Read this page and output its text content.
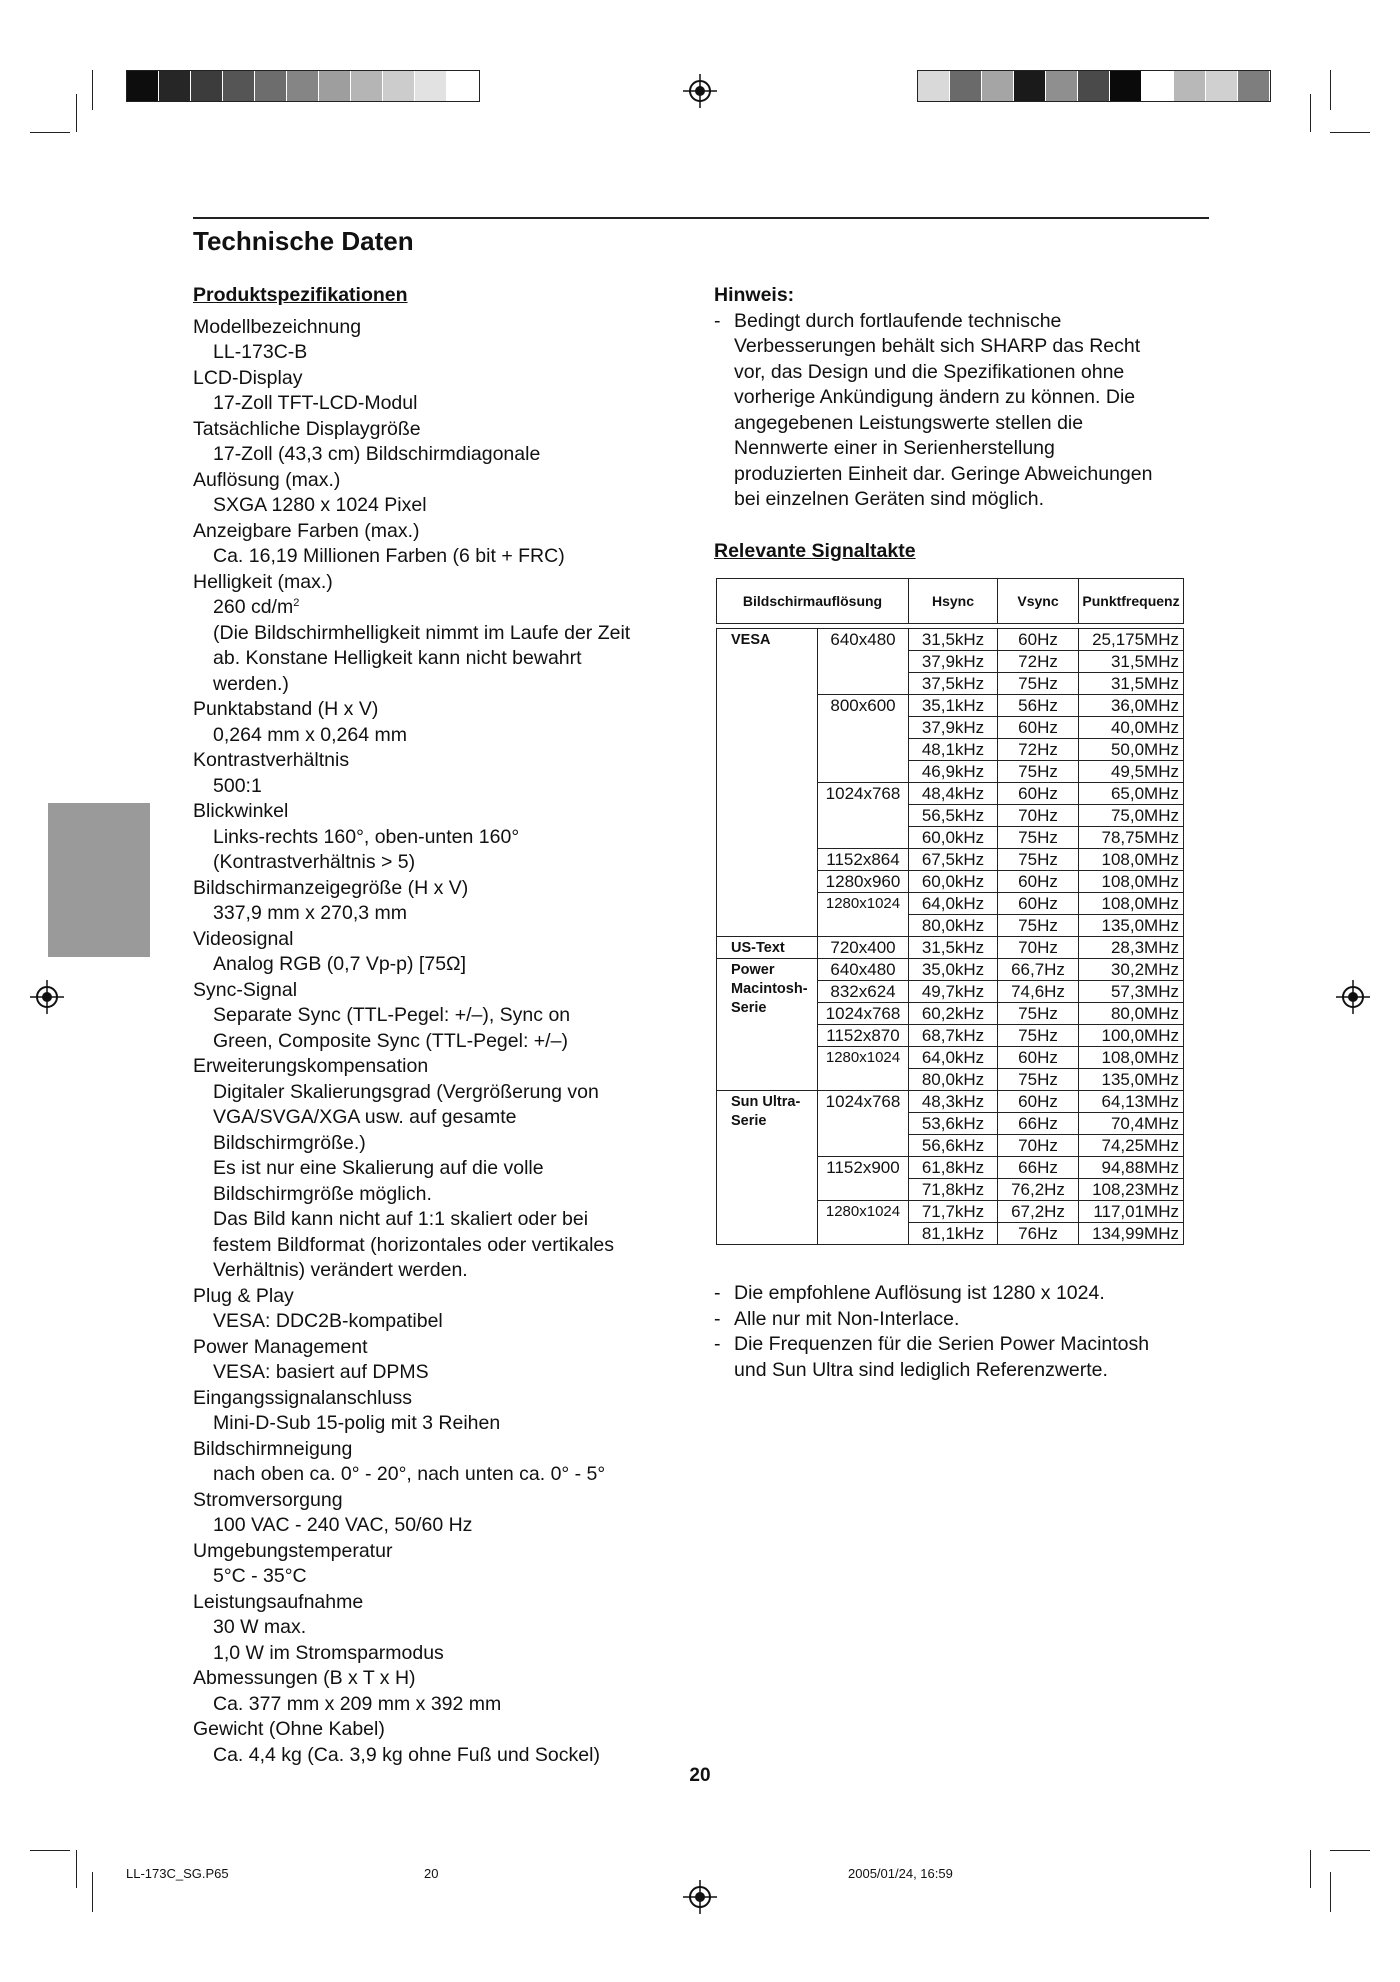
Technische Daten
Produktspezifikationen
Modellbezeichnung
LL-173C-B
LCD-Display
17-Zoll TFT-LCD-Modul
Tatsächliche Displaygröße
17-Zoll (43,3 cm) Bildschirmdiagonale
Auflösung (max.)
SXGA 1280 x 1024 Pixel
Anzeigbare Farben (max.)
Ca. 16,19 Millionen Farben (6 bit + FRC)
Helligkeit (max.)
260 $cd/m^2$
(Die Bildschirmhelligkeit nimmt im Laufe der Zeit
ab. Konstane Helligkeit kann nicht bewahrt
werden.)
Punktabstand (H x V)
0,264 mm x 0,264 mm
Kontrastverhältnis
500:1
Blickwinkel
Links-rechts 160°, oben-unten 160°
(Kontrastverhältnis > 5)
Bildschirmanzeigegröße (H x V)
337,9 mm x 270,3 mm
Videosignal
Analog RGB (0,7 Vp-p) [75Ω]
Sync-Signal
Separate Sync (TTL-Pegel: +/–), Sync on
Green, Composite Sync (TTL-Pegel: +/–)
Erweiterungskompensation
Digitaler Skalierungsgrad (Vergrößerung von
VGA/SVGA/XGA usw. auf gesamte
Bildschirmgröße.)
Es ist nur eine Skalierung auf die volle
Bildschirmgröße möglich.
Das Bild kann nicht auf 1:1 skaliert oder bei
festem Bildformat (horizontales oder vertikales
Verhältnis) verändert werden.
Plug & Play
VESA: DDC2B-kompatibel
Power Management
VESA: basiert auf DPMS
Eingangssignalanschluss
Mini-D-Sub 15-polig mit 3 Reihen
Bildschirmneigung
nach oben ca. 0° - 20°, nach unten ca. 0° - 5°
Stromversorgung
100 VAC - 240 VAC, 50/60 Hz
Umgebungstemperatur
5°C - 35°C
Leistungsaufnahme
30 W max.
1,0 W im Stromsparmodus
Abmessungen (B x T x H)
Ca. 377 mm x 209 mm x 392 mm
Gewicht (Ohne Kabel)
Ca. 4,4 kg (Ca. 3,9 kg ohne Fuß und Sockel)
Hinweis:
- Bedingt durch fortlaufende technische
Verbesserungen behält sich SHARP das Recht
vor, das Design und die Spezifikationen ohne
vorherige Ankündigung ändern zu können. Die
angegebenen Leistungswerte stellen die
Nennwerte einer in Serienherstellung
produzierten Einheit dar. Geringe Abweichungen
bei einzelnen Geräten sind möglich.
Relevante Signaltakte
Bildschirmauflösung		Hsync	Vsync	Punktfrequenz

VESA	640x480	31,5kHz	60Hz	25,175MHz
		37,9kHz	72Hz	31,5MHz
		37,5kHz	75Hz	31,5MHz
	800x600	35,1kHz	56Hz	36,0MHz
		37,9kHz	60Hz	40,0MHz
		48,1kHz	72Hz	50,0MHz
		46,9kHz	75Hz	49,5MHz
	1024x768	48,4kHz	60Hz	65,0MHz
		56,5kHz	70Hz	75,0MHz
		60,0kHz	75Hz	78,75MHz
	1152x864	67,5kHz	75Hz	108,0MHz
	1280x960	60,0kHz	60Hz	108,0MHz
	1280x1024	64,0kHz	60Hz	108,0MHz
		80,0kHz	75Hz	135,0MHz

US-Text	720x400	31,5kHz	70Hz	28,3MHz

Power
Macintosh-
Serie	640x480	35,0kHz	66,7Hz	30,2MHz
	832x624	49,7kHz	74,6Hz	57,3MHz
	1024x768	60,2kHz	75Hz	80,0MHz
	1152x870	68,7kHz	75Hz	100,0MHz
	1280x1024	64,0kHz	60Hz	108,0MHz
		80,0kHz	75Hz	135,0MHz

Sun Ultra-
Serie	1024x768	48,3kHz	60Hz	64,13MHz
		53,6kHz	66Hz	70,4MHz
		56,6kHz	70Hz	74,25MHz
	1152x900	61,8kHz	66Hz	94,88MHz
		71,8kHz	76,2Hz	108,23MHz
	1280x1024	71,7kHz	67,2Hz	117,01MHz
		81,1kHz	76Hz	134,99MHz
- Die empfohlene Auflösung ist 1280 x 1024.
- Alle nur mit Non-Interlace.
- Die Frequenzen für die Serien Power Macintosh
und Sun Ultra sind lediglich Referenzwerte.
20
LL-173C_SG.P65	20	2005/01/24, 16:59
